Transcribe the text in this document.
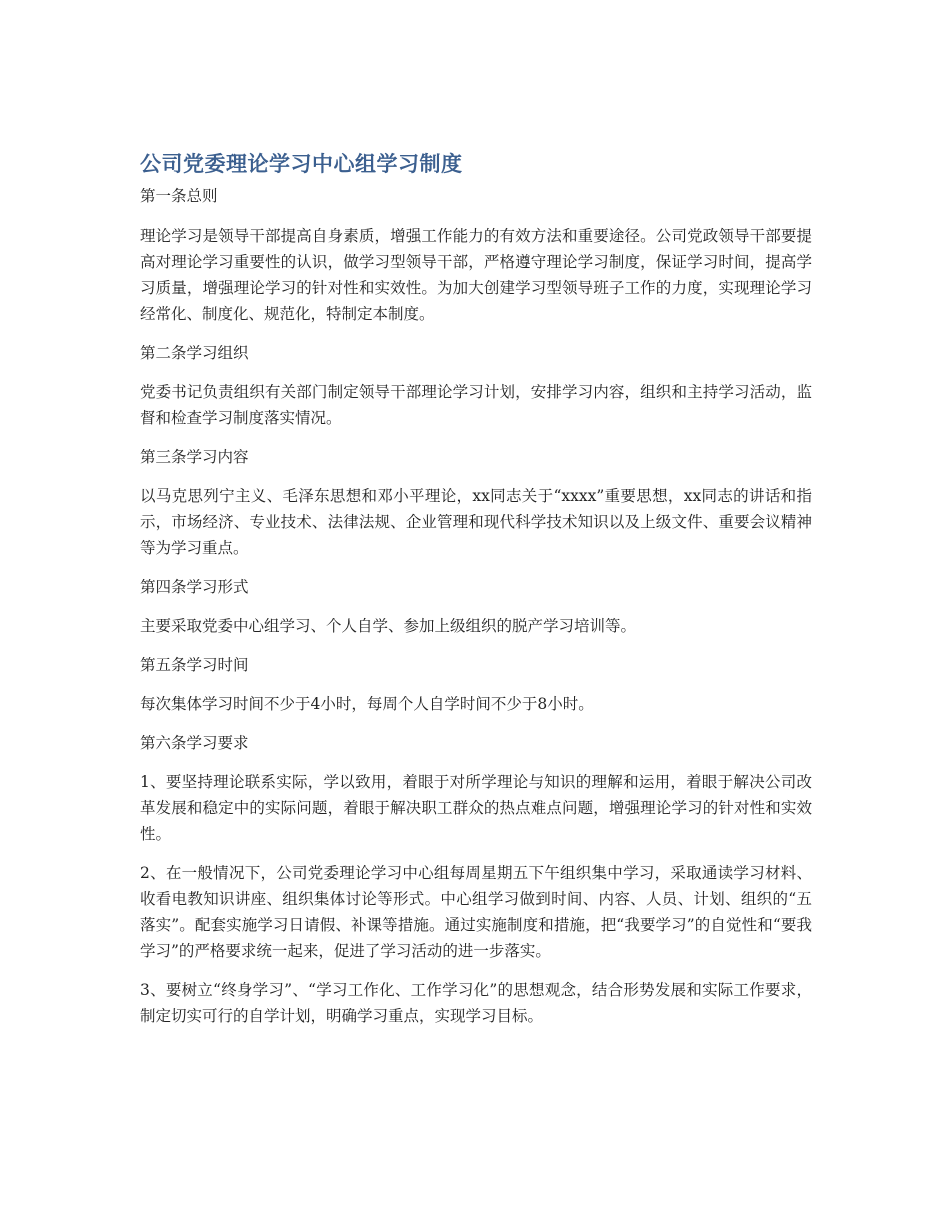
公司党委理论学习中心组学习制度
第一条总则
理论学习是领导干部提高自身素质，增强工作能力的有效方法和重要途径。公司党政领导干部要提高对理论学习重要性的认识，做学习型领导干部，严格遵守理论学习制度，保证学习时间，提高学习质量，增强理论学习的针对性和实效性。为加大创建学习型领导班子工作的力度，实现理论学习经常化、制度化、规范化，特制定本制度。
第二条学习组织
党委书记负责组织有关部门制定领导干部理论学习计划，安排学习内容，组织和主持学习活动，监督和检查学习制度落实情况。
第三条学习内容
以马克思列宁主义、毛泽东思想和邓小平理论，xx同志关于“xxxx”重要思想，xx同志的讲话和指示，市场经济、专业技术、法律法规、企业管理和现代科学技术知识以及上级文件、重要会议精神等为学习重点。
第四条学习形式
主要采取党委中心组学习、个人自学、参加上级组织的脱产学习培训等。
第五条学习时间
每次集体学习时间不少于4小时，每周个人自学时间不少于8小时。
第六条学习要求
1、要坚持理论联系实际，学以致用，着眼于对所学理论与知识的理解和运用，着眼于解决公司改革发展和稳定中的实际问题，着眼于解决职工群众的热点难点问题，增强理论学习的针对性和实效性。
2、在一般情况下，公司党委理论学习中心组每周星期五下午组织集中学习，采取通读学习材料、收看电教知识讲座、组织集体讨论等形式。中心组学习做到时间、内容、人员、计划、组织的“五落实”。配套实施学习日请假、补课等措施。通过实施制度和措施，把“我要学习”的自觉性和“要我学习”的严格要求统一起来，促进了学习活动的进一步落实。
3、要树立“终身学习”、“学习工作化、工作学习化”的思想观念，结合形势发展和实际工作要求，制定切实可行的自学计划，明确学习重点，实现学习目标。
